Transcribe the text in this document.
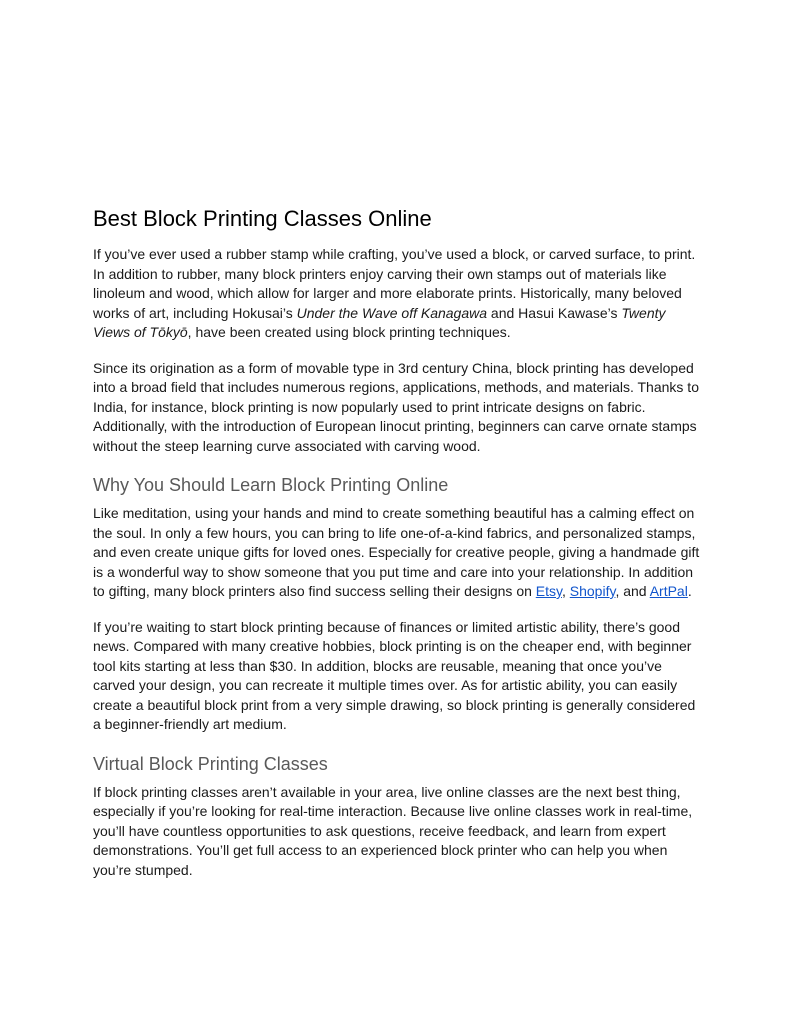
Best Block Printing Classes Online

If you’ve ever used a rubber stamp while crafting, you’ve used a block, or carved surface, to print. In addition to rubber, many block printers enjoy carving their own stamps out of materials like linoleum and wood, which allow for larger and more elaborate prints. Historically, many beloved works of art, including Hokusai’s Under the Wave off Kanagawa and Hasui Kawase’s Twenty Views of Tōkyō, have been created using block printing techniques.

Since its origination as a form of movable type in 3rd century China, block printing has developed into a broad field that includes numerous regions, applications, methods, and materials. Thanks to India, for instance, block printing is now popularly used to print intricate designs on fabric. Additionally, with the introduction of European linocut printing, beginners can carve ornate stamps without the steep learning curve associated with carving wood.

Why You Should Learn Block Printing Online

Like meditation, using your hands and mind to create something beautiful has a calming effect on the soul. In only a few hours, you can bring to life one-of-a-kind fabrics, and personalized stamps, and even create unique gifts for loved ones. Especially for creative people, giving a handmade gift is a wonderful way to show someone that you put time and care into your relationship. In addition to gifting, many block printers also find success selling their designs on Etsy, Shopify, and ArtPal.

If you’re waiting to start block printing because of finances or limited artistic ability, there’s good news. Compared with many creative hobbies, block printing is on the cheaper end, with beginner tool kits starting at less than $30. In addition, blocks are reusable, meaning that once you’ve carved your design, you can recreate it multiple times over. As for artistic ability, you can easily create a beautiful block print from a very simple drawing, so block printing is generally considered a beginner-friendly art medium.

Virtual Block Printing Classes

If block printing classes aren’t available in your area, live online classes are the next best thing, especially if you’re looking for real-time interaction. Because live online classes work in real-time, you’ll have countless opportunities to ask questions, receive feedback, and learn from expert demonstrations. You’ll get full access to an experienced block printer who can help you when you’re stumped.
